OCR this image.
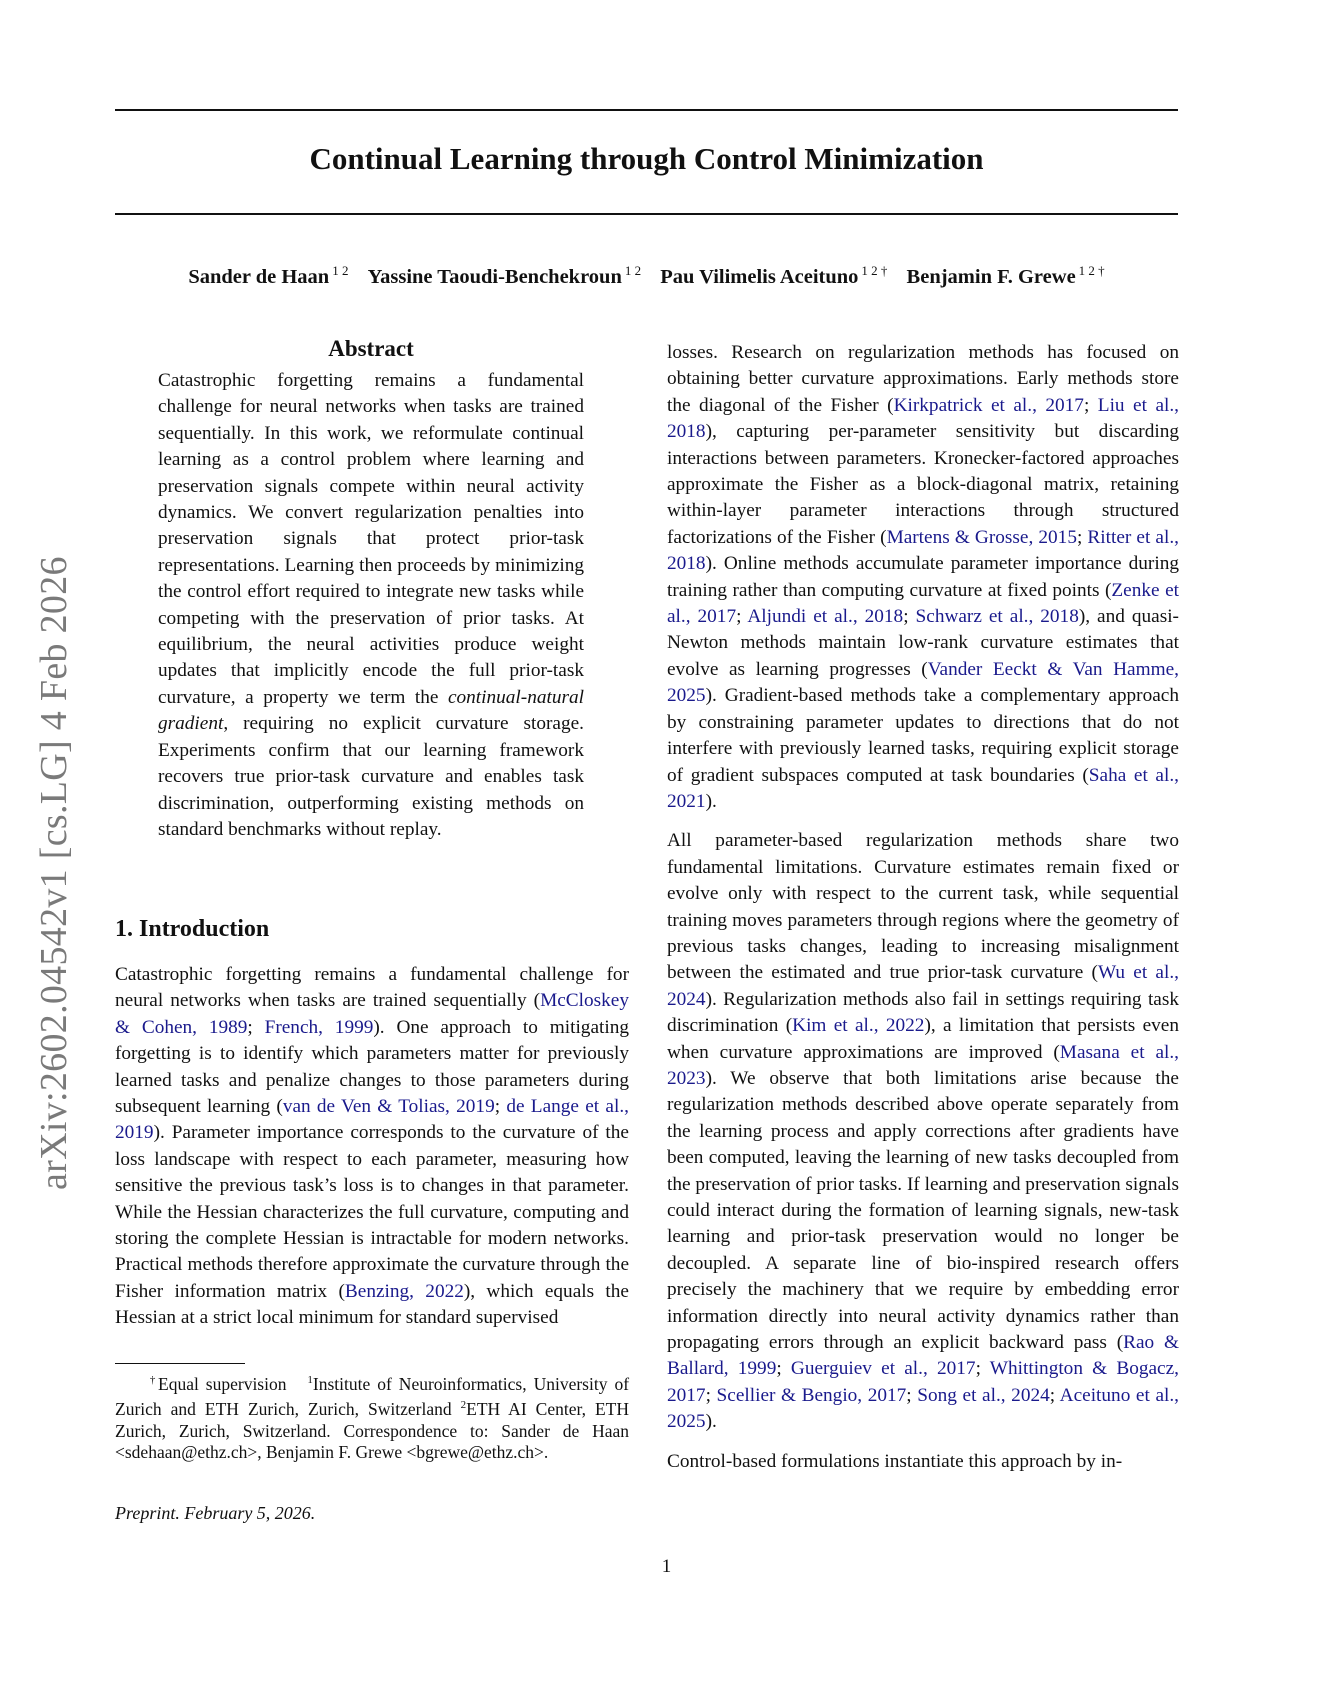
Continual Learning through Control Minimization
Sander de Haan $^{1 2}$ Yassine Taoudi-Benchekroun $^{1 2}$ Pau Vilimelis Aceituno $^{1 2 \dagger}$ Benjamin F. Grewe $^{1 2 \dagger}$
arXiv:2602.04542v1 [cs.LG] 4 Feb 2026
Abstract

Catastrophic forgetting remains a fundamental challenge for neural networks when tasks are trained sequentially. In this work, we reformulate continual learning as a control problem where learning and preservation signals compete within neural activity dynamics. We convert regularization penalties into preservation signals that protect prior-task representations. Learning then proceeds by minimizing the control effort required to integrate new tasks while competing with the preservation of prior tasks. At equilibrium, the neural activities produce weight updates that implicitly encode the full prior-task curvature, a property we term the continual-natural gradient, requiring no explicit curvature storage. Experiments confirm that our learning framework recovers true prior-task curvature and enables task discrimination, outperforming existing methods on standard benchmarks without replay.

1. Introduction

Catastrophic forgetting remains a fundamental challenge for neural networks when tasks are trained sequentially (McCloskey & Cohen, 1989; French, 1999). One approach to mitigating forgetting is to identify which parameters matter for previously learned tasks and penalize changes to those parameters during subsequent learning (van de Ven & Tolias, 2019; de Lange et al., 2019). Parameter importance corresponds to the curvature of the loss landscape with respect to each parameter, measuring how sensitive the previous task’s loss is to changes in that parameter. While the Hessian characterizes the full curvature, computing and storing the complete Hessian is intractable for modern networks. Practical methods therefore approximate the curvature through the Fisher information matrix (Benzing, 2022), which equals the Hessian at a strict local minimum for standard supervised

†Equal supervision $^1$Institute of Neuroinformatics, University of Zurich and ETH Zurich, Zurich, Switzerland $^2$ETH AI Center, ETH Zurich, Zurich, Switzerland. Correspondence to: Sander de Haan <sdehaan@ethz.ch>, Benjamin F. Grewe <bgrewe@ethz.ch>.
Preprint. February 5, 2026.

losses. Research on regularization methods has focused on obtaining better curvature approximations. Early methods store the diagonal of the Fisher (Kirkpatrick et al., 2017; Liu et al., 2018), capturing per-parameter sensitivity but discarding interactions between parameters. Kronecker-factored approaches approximate the Fisher as a block-diagonal matrix, retaining within-layer parameter interactions through structured factorizations of the Fisher (Martens & Grosse, 2015; Ritter et al., 2018). Online methods accumulate parameter importance during training rather than computing curvature at fixed points (Zenke et al., 2017; Aljundi et al., 2018; Schwarz et al., 2018), and quasi-Newton methods maintain low-rank curvature estimates that evolve as learning progresses (Vander Eeckt & Van Hamme, 2025). Gradient-based methods take a complementary approach by constraining parameter updates to directions that do not interfere with previously learned tasks, requiring explicit storage of gradient subspaces computed at task boundaries (Saha et al., 2021).

All parameter-based regularization methods share two fundamental limitations. Curvature estimates remain fixed or evolve only with respect to the current task, while sequential training moves parameters through regions where the geometry of previous tasks changes, leading to increasing misalignment between the estimated and true prior-task curvature (Wu et al., 2024). Regularization methods also fail in settings requiring task discrimination (Kim et al., 2022), a limitation that persists even when curvature approximations are improved (Masana et al., 2023). We observe that both limitations arise because the regularization methods described above operate separately from the learning process and apply corrections after gradients have been computed, leaving the learning of new tasks decoupled from the preservation of prior tasks. If learning and preservation signals could interact during the formation of learning signals, new-task learning and prior-task preservation would no longer be decoupled. A separate line of bio-inspired research offers precisely the machinery that we require by embedding error information directly into neural activity dynamics rather than propagating errors through an explicit backward pass (Rao & Ballard, 1999; Guerguiev et al., 2017; Whittington & Bogacz, 2017; Scellier & Bengio, 2017; Song et al., 2024; Aceituno et al., 2025).

Control-based formulations instantiate this approach by in-

1
